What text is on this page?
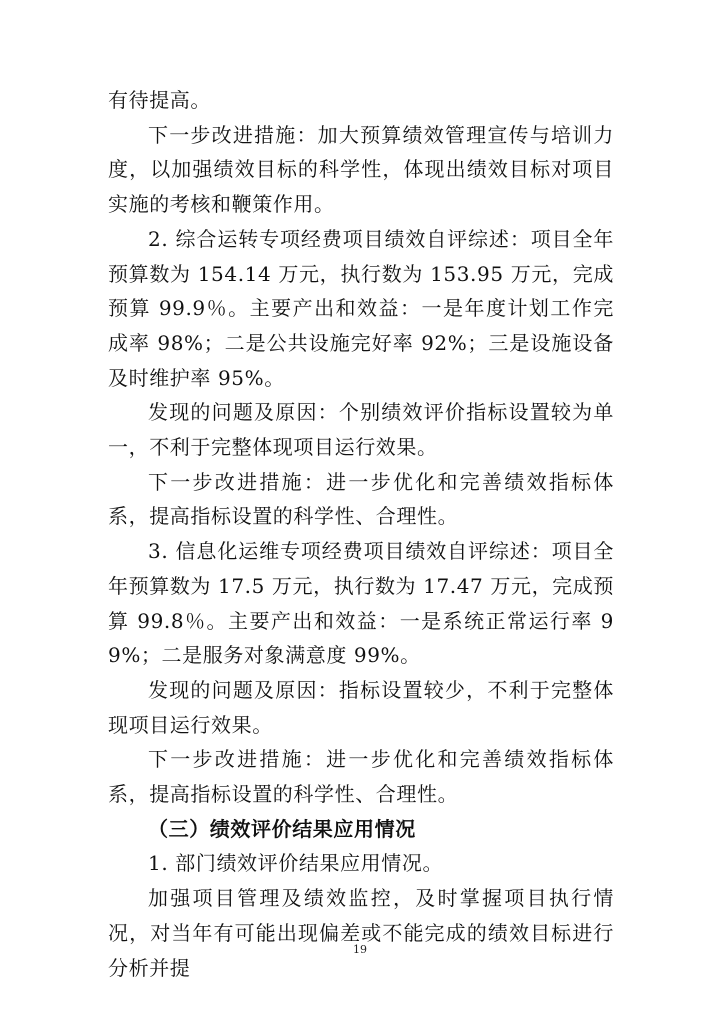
有待提高。

下一步改进措施：加大预算绩效管理宣传与培训力度，以加强绩效目标的科学性，体现出绩效目标对项目实施的考核和鞭策作用。

2. 综合运转专项经费项目绩效自评综述：项目全年预算数为 154.14 万元，执行数为 153.95 万元，完成预算 99.9％。主要产出和效益：一是年度计划工作完成率 98%；二是公共设施完好率 92%；三是设施设备及时维护率 95%。

发现的问题及原因：个别绩效评价指标设置较为单一，不利于完整体现项目运行效果。

下一步改进措施：进一步优化和完善绩效指标体系，提高指标设置的科学性、合理性。

3. 信息化运维专项经费项目绩效自评综述：项目全年预算数为 17.5 万元，执行数为 17.47 万元，完成预算 99.8％。主要产出和效益：一是系统正常运行率 99%；二是服务对象满意度 99%。

发现的问题及原因：指标设置较少，不利于完整体现项目运行效果。

下一步改进措施：进一步优化和完善绩效指标体系，提高指标设置的科学性、合理性。

（三）绩效评价结果应用情况

1. 部门绩效评价结果应用情况。

加强项目管理及绩效监控，及时掌握项目执行情况，对当年有可能出现偏差或不能完成的绩效目标进行分析并提

19
